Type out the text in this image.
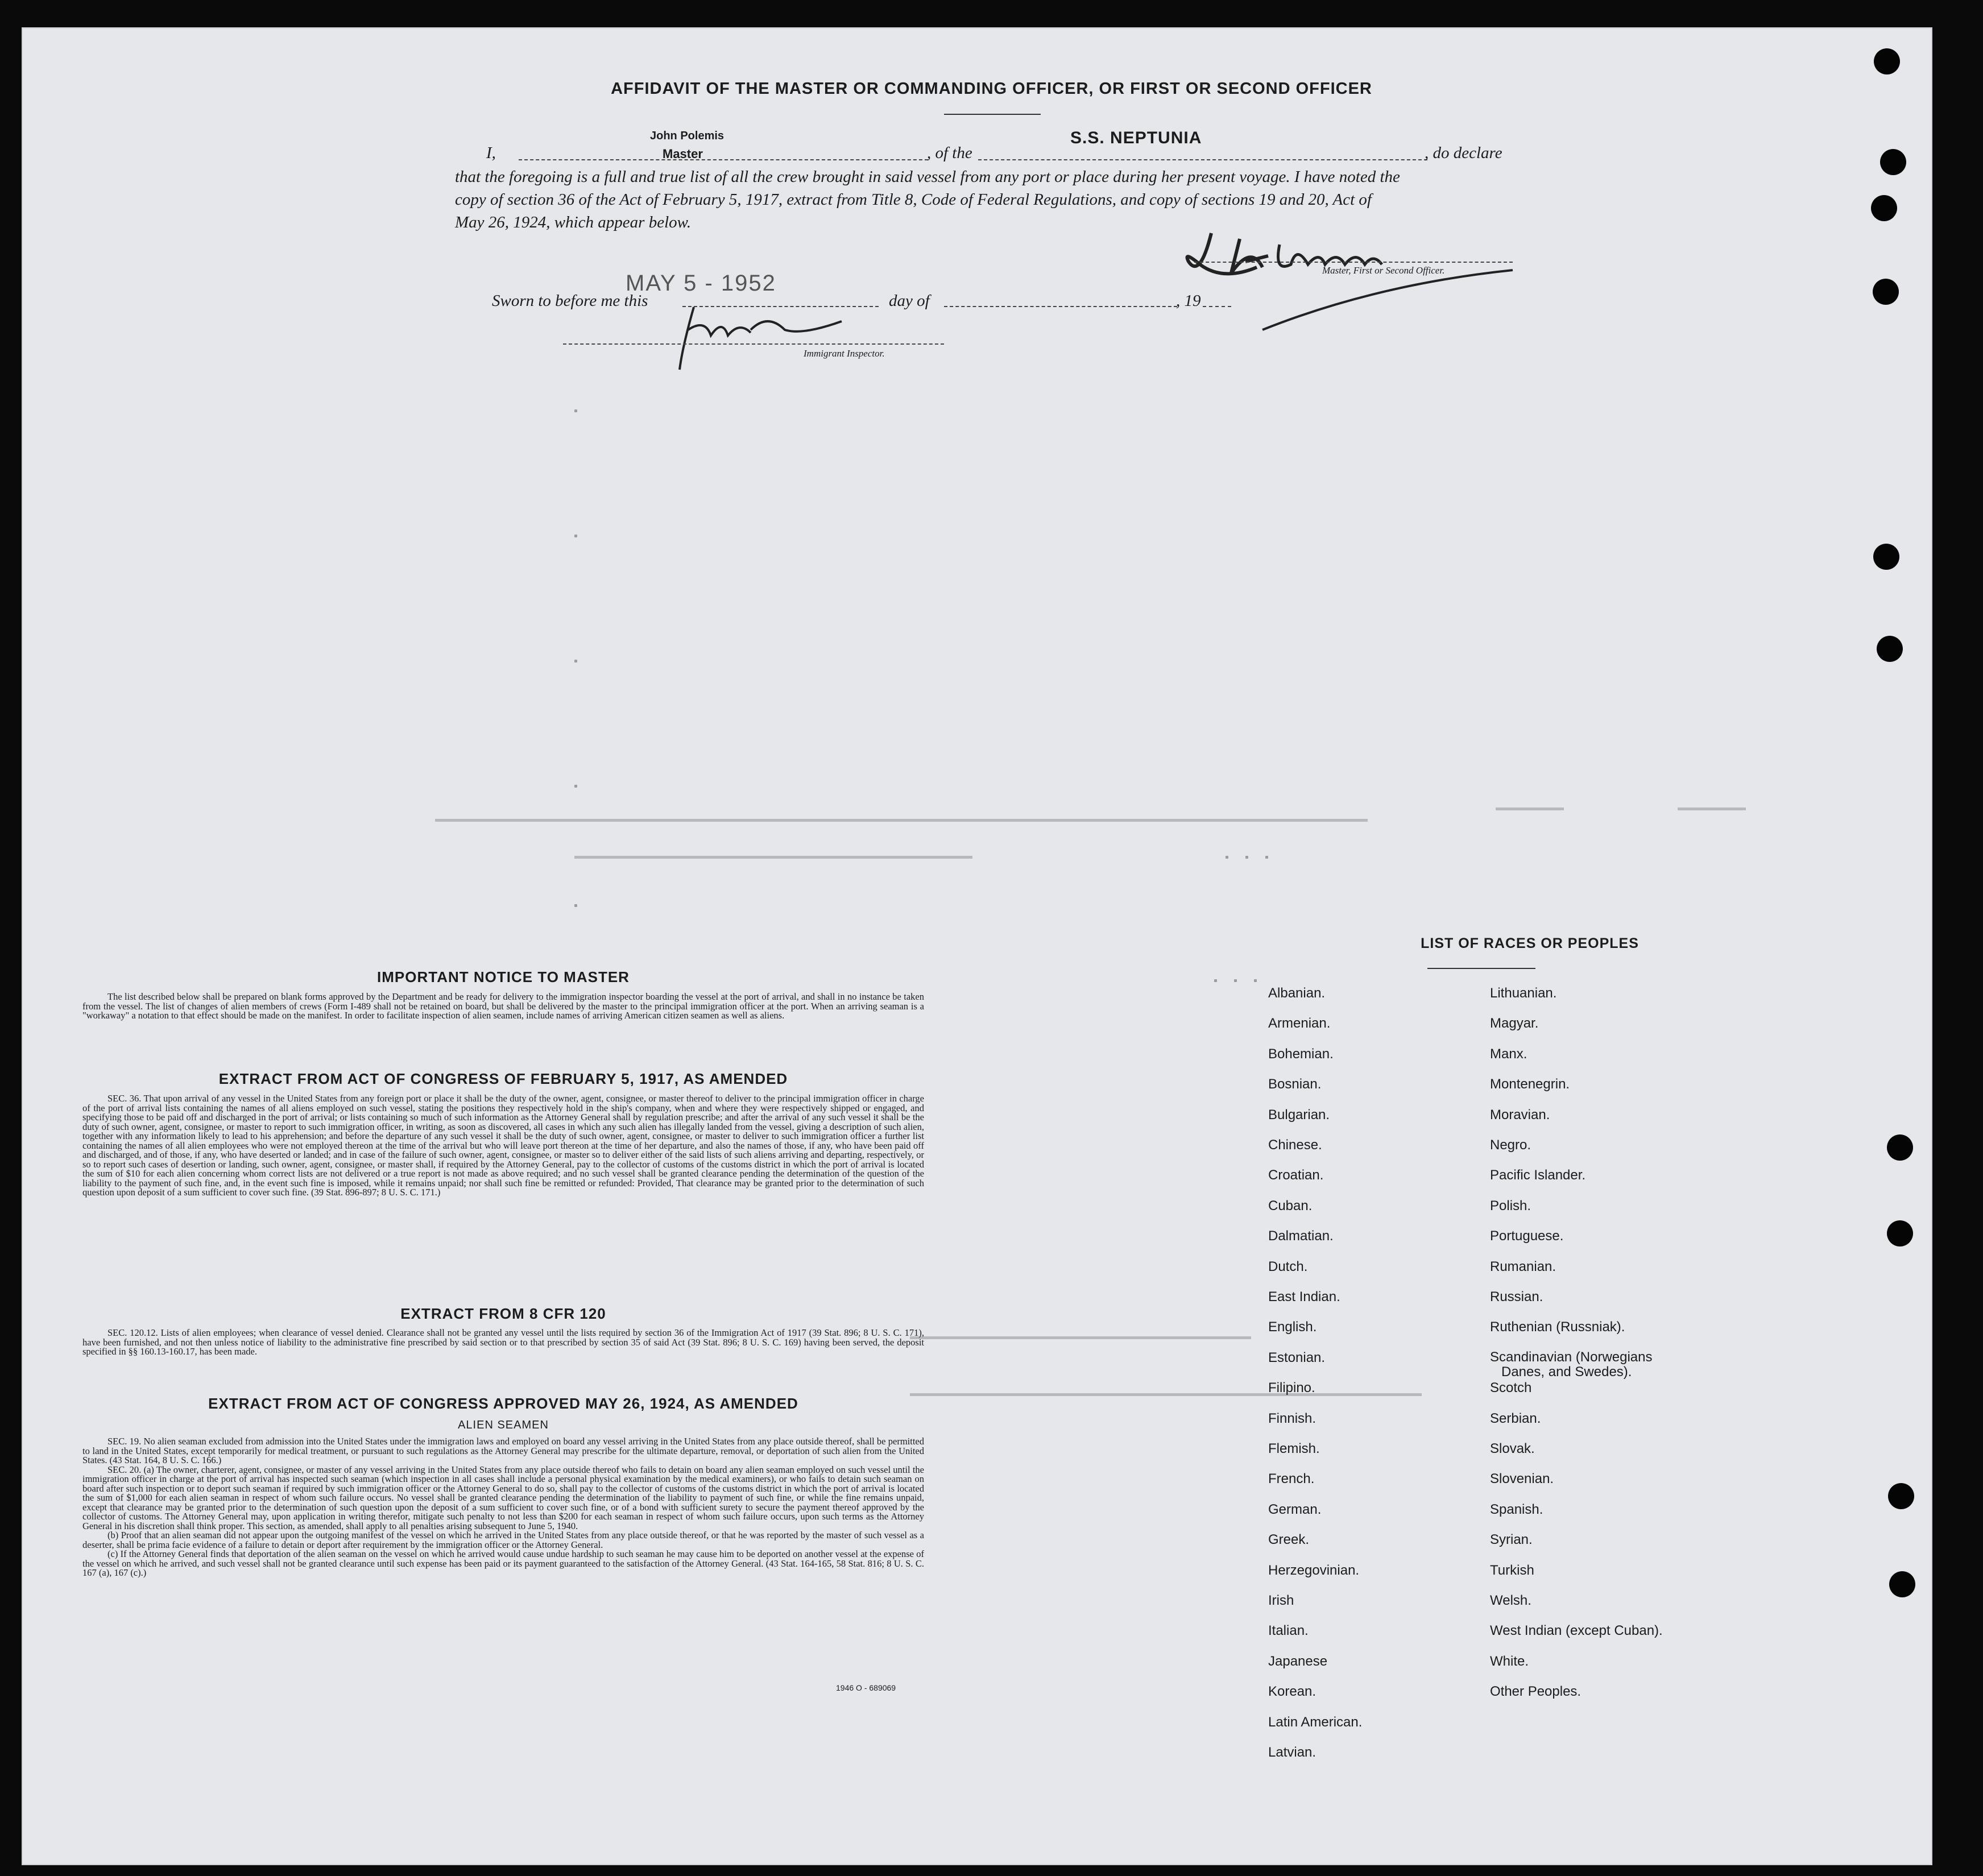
AFFIDAVIT OF THE MASTER OR COMMANDING OFFICER, OR FIRST OR SECOND OFFICER
I,
John Polemis
Master	, of the
S.S. NEPTUNIA
, do declare
that the foregoing is a full and true list of all the crew brought in said vessel from any port or place during her present voyage. I have noted the
copy of section 36 of the Act of February 5, 1917, extract from Title 8, Code of Federal Regulations, and copy of sections 19 and 20, Act of
May 26, 1924, which appear below.
Master, First or Second Officer.
Sworn to before me this
MAY 5 - 1952
day of	, 19
Immigrant Inspector.
IMPORTANT NOTICE TO MASTER
The list described below shall be prepared on blank forms approved by the Department and be ready for delivery to the immigration inspector boarding the vessel at the port of arrival, and shall in no instance be taken from the vessel. The list of changes of alien members of crews (Form I-489 shall not be retained on board, but shall be delivered by the master to the principal immigration officer at the port. When an arriving seaman is a "workaway" a notation to that effect should be made on the manifest. In order to facilitate inspection of alien seamen, include names of arriving American citizen seamen as well as aliens.
EXTRACT FROM ACT OF CONGRESS OF FEBRUARY 5, 1917, AS AMENDED
SEC. 36. That upon arrival of any vessel in the United States from any foreign port or place it shall be the duty of the owner, agent, consignee, or master thereof to deliver to the principal immigration officer in charge of the port of arrival lists containing the names of all aliens employed on such vessel, stating the positions they respectively hold in the ship's company, when and where they were respectively shipped or engaged, and specifying those to be paid off and discharged in the port of arrival; or lists containing so much of such information as the Attorney General shall by regulation prescribe; and after the arrival of any such vessel it shall be the duty of such owner, agent, consignee, or master to report to such immigration officer, in writing, as soon as discovered, all cases in which any such alien has illegally landed from the vessel, giving a description of such alien, together with any information likely to lead to his apprehension; and before the departure of any such vessel it shall be the duty of such owner, agent, consignee, or master to deliver to such immigration officer a further list containing the names of all alien employees who were not employed thereon at the time of the arrival but who will leave port thereon at the time of her departure, and also the names of those, if any, who have been paid off and discharged, and of those, if any, who have deserted or landed; and in case of the failure of such owner, agent, consignee, or master so to deliver either of the said lists of such aliens arriving and departing, respectively, or so to report such cases of desertion or landing, such owner, agent, consignee, or master shall, if required by the Attorney General, pay to the collector of customs of the customs district in which the port of arrival is located the sum of $10 for each alien concerning whom correct lists are not delivered or a true report is not made as above required; and no such vessel shall be granted clearance pending the determination of the question of the liability to the payment of such fine, and, in the event such fine is imposed, while it remains unpaid; nor shall such fine be remitted or refunded: Provided, That clearance may be granted prior to the determination of such question upon deposit of a sum sufficient to cover such fine. (39 Stat. 896-897; 8 U. S. C. 171.)
EXTRACT FROM 8 CFR 120
SEC. 120.12. Lists of alien employees; when clearance of vessel denied. Clearance shall not be granted any vessel until the lists required by section 36 of the Immigration Act of 1917 (39 Stat. 896; 8 U. S. C. 171), have been furnished, and not then unless notice of liability to the administrative fine prescribed by said section or to that prescribed by section 35 of said Act (39 Stat. 896; 8 U. S. C. 169) having been served, the deposit specified in §§ 160.13-160.17, has been made.
EXTRACT FROM ACT OF CONGRESS APPROVED MAY 26, 1924, AS AMENDED
ALIEN SEAMEN

SEC. 19. No alien seaman excluded from admission into the United States under the immigration laws and employed on board any vessel arriving in the United States from any place outside thereof, shall be permitted to land in the United States, except temporarily for medical treatment, or pursuant to such regulations as the Attorney General may prescribe for the ultimate departure, removal, or deportation of such alien from the United States. (43 Stat. 164, 8 U. S. C. 166.)

SEC. 20. (a) The owner, charterer, agent, consignee, or master of any vessel arriving in the United States from any place outside thereof who fails to detain on board any alien seaman employed on such vessel until the immigration officer in charge at the port of arrival has inspected such seaman (which inspection in all cases shall include a personal physical examination by the medical examiners), or who fails to detain such seaman on board after such inspection or to deport such seaman if required by such immigration officer or the Attorney General to do so, shall pay to the collector of customs of the customs district in which the port of arrival is located the sum of $1,000 for each alien seaman in respect of whom such failure occurs. No vessel shall be granted clearance pending the determination of the liability to payment of such fine, or while the fine remains unpaid, except that clearance may be granted prior to the determination of such question upon the deposit of a sum sufficient to cover such fine, or of a bond with sufficient surety to secure the payment thereof approved by the collector of customs. The Attorney General may, upon application in writing therefor, mitigate such penalty to not less than $200 for each seaman in respect of whom such failure occurs, upon such terms as the Attorney General in his discretion shall think proper. This section, as amended, shall apply to all penalties arising subsequent to June 5, 1940.

(b) Proof that an alien seaman did not appear upon the outgoing manifest of the vessel on which he arrived in the United States from any place outside thereof, or that he was reported by the master of such vessel as a deserter, shall be prima facie evidence of a failure to detain or deport after requirement by the immigration officer or the Attorney General.

(c) If the Attorney General finds that deportation of the alien seaman on the vessel on which he arrived would cause undue hardship to such seaman he may cause him to be deported on another vessel at the expense of the vessel on which he arrived, and such vessel shall not be granted clearance until such expense has been paid or its payment guaranteed to the satisfaction of the Attorney General. (43 Stat. 164-165, 58 Stat. 816; 8 U. S. C. 167 (a), 167 (c).)

1946 O - 689069
LIST OF RACES OR PEOPLES
Albanian.
Armenian.
Bohemian.
Bosnian.
Bulgarian.
Chinese.
Croatian.
Cuban.
Dalmatian.
Dutch.
East Indian.
English.
Estonian.
Filipino.
Finnish.
Flemish.
French.
German.
Greek.
Herzegovinian.
Irish
Italian.
Japanese
Korean.
Latin American.
Latvian.
Lithuanian.
Magyar.
Manx.
Montenegrin.
Moravian.
Negro.
Pacific Islander.
Polish.
Portuguese.
Rumanian.
Russian.
Ruthenian (Russniak).
Scandinavian (Norwegians
Danes, and Swedes).
Scotch
Serbian.
Slovak.
Slovenian.
Spanish.
Syrian.
Turkish
Welsh.
West Indian (except Cuban).
White.
Other Peoples.
